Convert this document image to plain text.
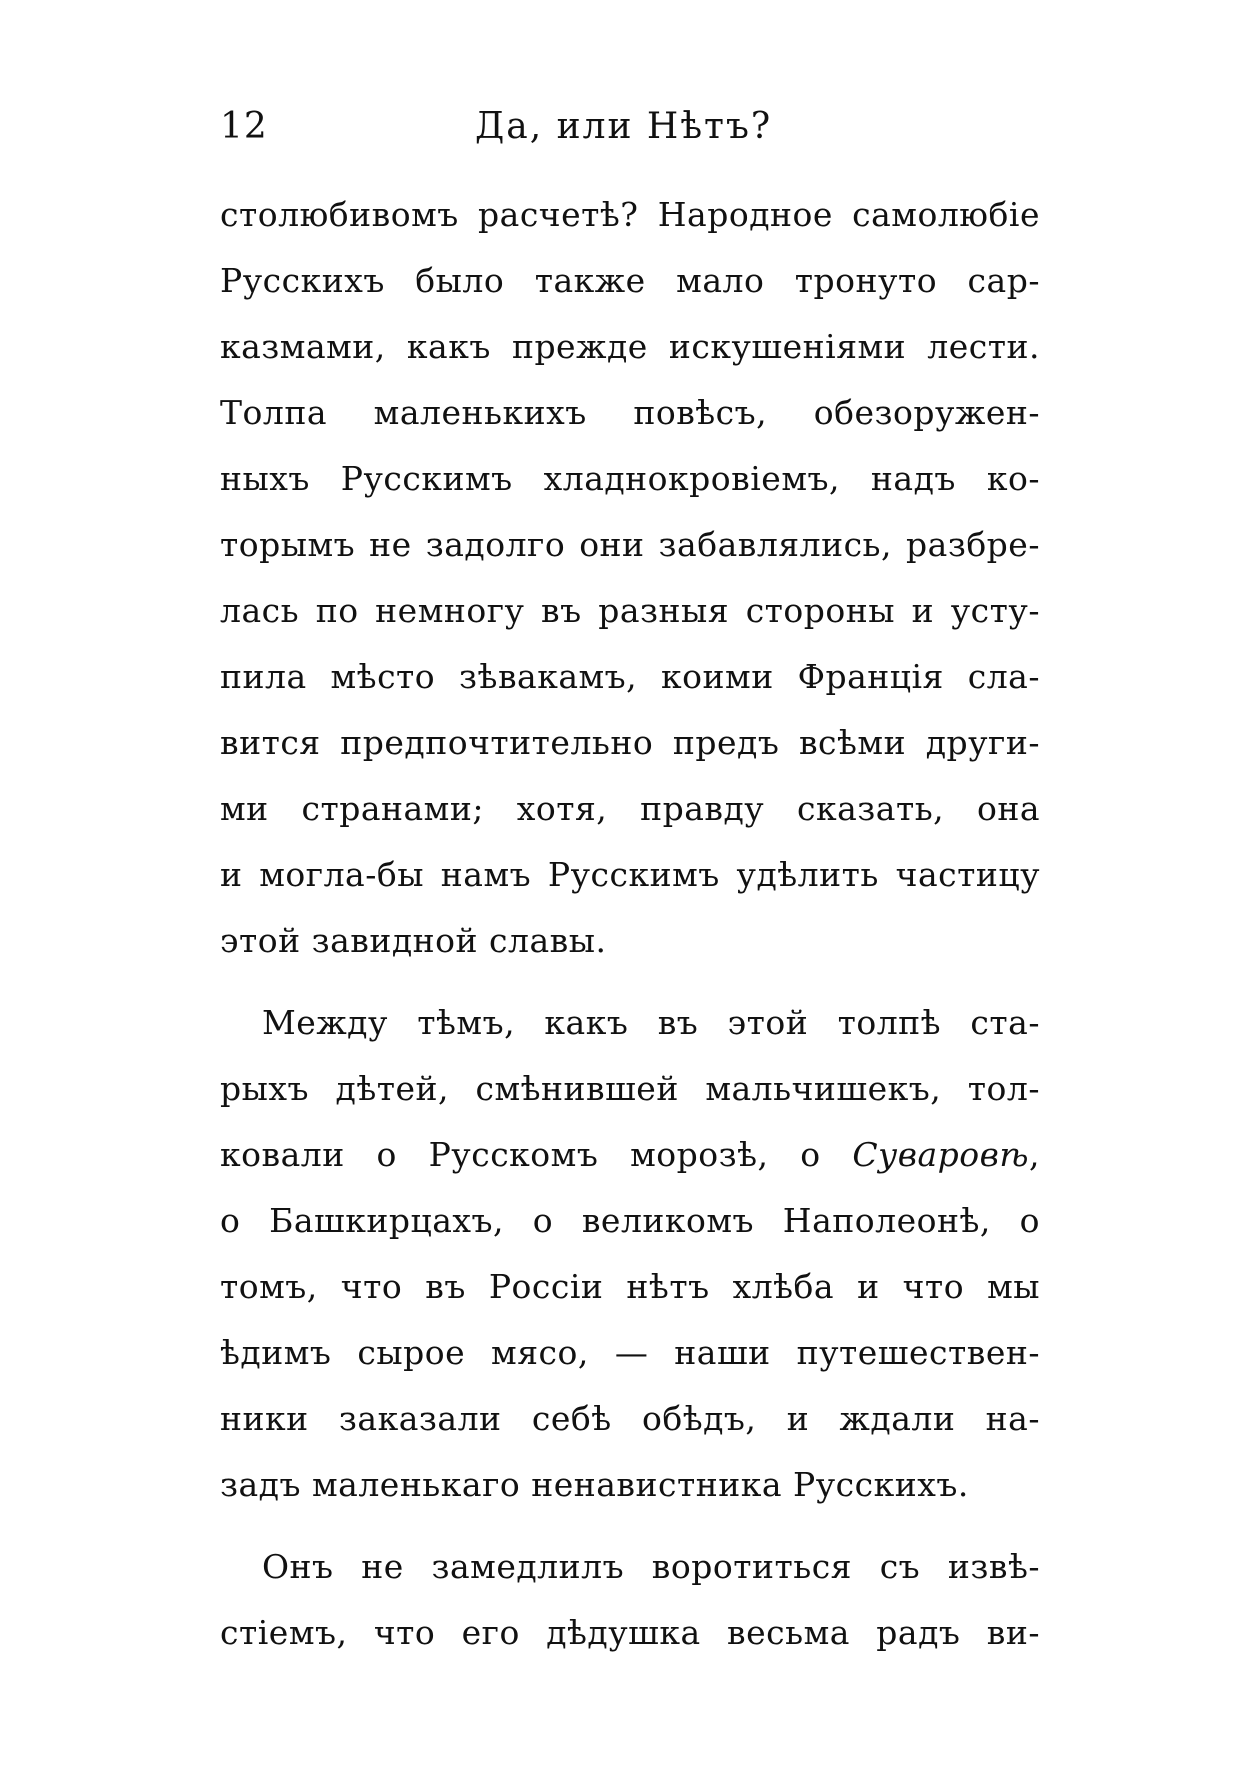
12	Да, или Нѣтъ?
столюбивомъ расчетѣ? Народное самолюбіе
Русскихъ было также мало тронуто сар-
казмами, какъ прежде искушеніями лести.
Толпа маленькихъ повѣсъ, обезоружен-
ныхъ Русскимъ хладнокровіемъ, надъ ко-
торымъ не задолго они забавлялись, разбре-
лась по немногу въ разныя стороны и усту-
пила мѣсто зѣвакамъ, коими Францiя сла-
вится предпочтительно предъ всѣми други-
ми странами; хотя, правду сказать, она
и могла-бы намъ Русскимъ удѣлить частицу
этой завидной славы.
Между тѣмъ, какъ въ этой толпѣ ста-
рыхъ дѣтей, смѣнившей мальчишекъ, тол-
ковали о Русскомъ морозѣ, о Суваровѣ,
о Башкирцахъ, о великомъ Наполеонѣ, о
томъ, что въ Россiи нѣтъ хлѣба и что мы
ѣдимъ сырое мясо, — наши путешествен-
ники заказали себѣ обѣдъ, и ждали на-
задъ маленькаго ненавистника Русскихъ.
Онъ не замедлилъ воротиться съ извѣ-
стіемъ, что его дѣдушка весьма радъ ви-
